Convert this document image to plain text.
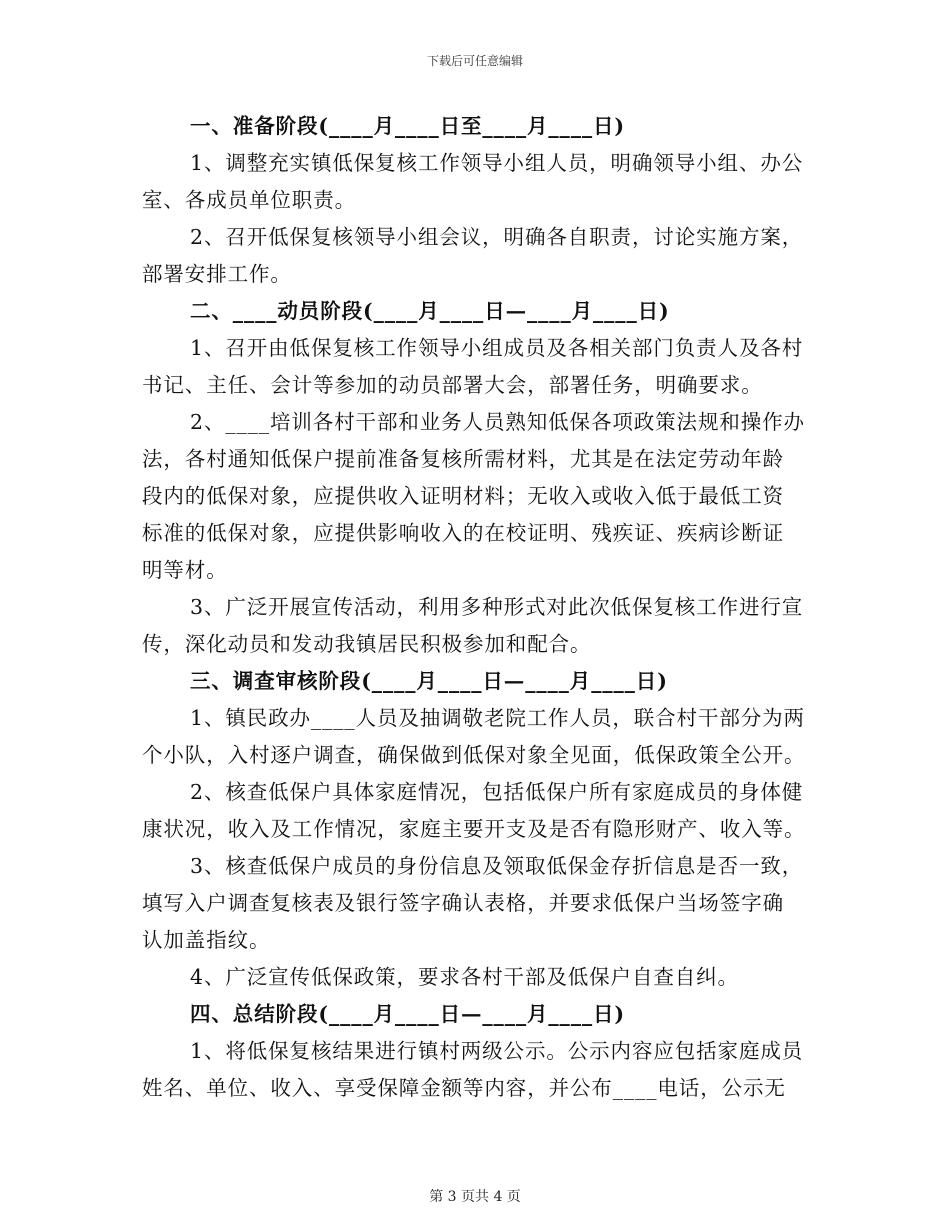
下载后可任意编辑
一、准备阶段(____月____日至____月____日)
1、调整充实镇低保复核工作领导小组人员，明确领导小组、办公
室、各成员单位职责。
2、召开低保复核领导小组会议，明确各自职责，讨论实施方案，
部署安排工作。
二、____动员阶段(____月____日—____月____日)
1、召开由低保复核工作领导小组成员及各相关部门负责人及各村
书记、主任、会计等参加的动员部署大会，部署任务，明确要求。
2、____培训各村干部和业务人员熟知低保各项政策法规和操作办
法，各村通知低保户提前准备复核所需材料，尤其是在法定劳动年龄
段内的低保对象，应提供收入证明材料；无收入或收入低于最低工资
标准的低保对象，应提供影响收入的在校证明、残疾证、疾病诊断证
明等材。
3、广泛开展宣传活动，利用多种形式对此次低保复核工作进行宣
传，深化动员和发动我镇居民积极参加和配合。
三、调查审核阶段(____月____日—____月____日)
1、镇民政办____人员及抽调敬老院工作人员，联合村干部分为两
个小队，入村逐户调查，确保做到低保对象全见面，低保政策全公开。
2、核查低保户具体家庭情况，包括低保户所有家庭成员的身体健
康状况，收入及工作情况，家庭主要开支及是否有隐形财产、收入等。
3、核查低保户成员的身份信息及领取低保金存折信息是否一致，
填写入户调查复核表及银行签字确认表格，并要求低保户当场签字确
认加盖指纹。
4、广泛宣传低保政策，要求各村干部及低保户自查自纠。
四、总结阶段(____月____日—____月____日)
1、将低保复核结果进行镇村两级公示。公示内容应包括家庭成员
姓名、单位、收入、享受保障金额等内容，并公布____电话，公示无
第 3 页共 4 页
